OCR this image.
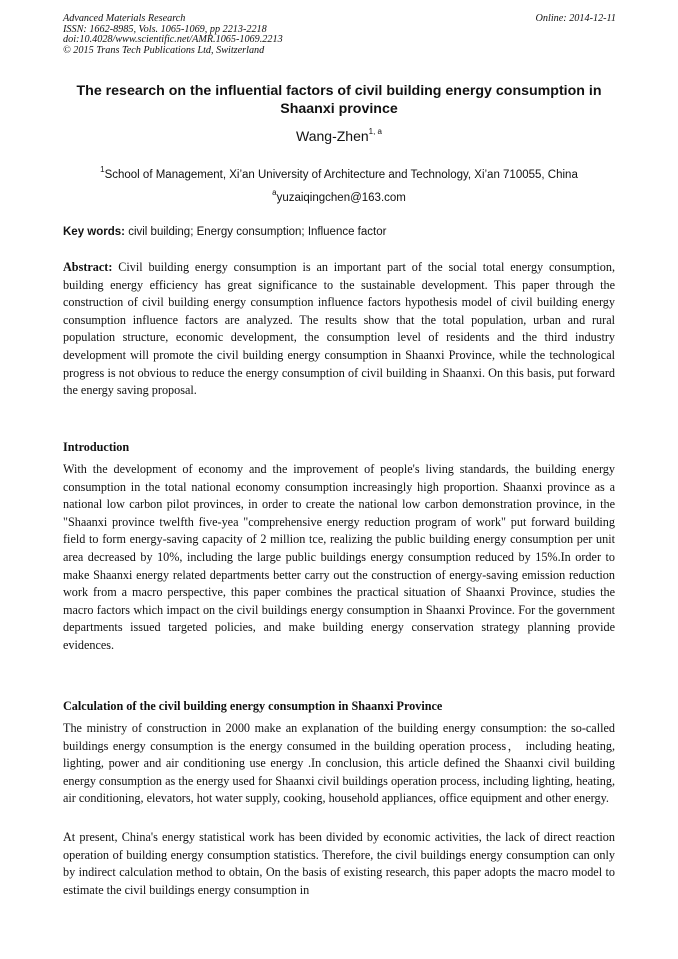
Advanced Materials Research	Online: 2014-12-11
ISSN: 1662-8985, Vols. 1065-1069, pp 2213-2218
doi:10.4028/www.scientific.net/AMR.1065-1069.2213
© 2015 Trans Tech Publications Ltd, Switzerland
The research on the influential factors of civil building energy consumption in Shaanxi province
Wang-Zhen$^{1, a}$
$^1$School of Management, Xi’an University of Architecture and Technology, Xi’an 710055, China
$^a$yuzaiqingchen@163.com
Key words: civil building; Energy consumption; Influence factor
Abstract: Civil building energy consumption is an important part of the social total energy consumption, building energy efficiency has great significance to the sustainable development. This paper through the construction of civil building energy consumption influence factors hypothesis model of civil building energy consumption influence factors are analyzed. The results show that the total population, urban and rural population structure, economic development, the consumption level of residents and the third industry development will promote the civil building energy consumption in Shaanxi Province, while the technological progress is not obvious to reduce the energy consumption of civil building in Shaanxi. On this basis, put forward the energy saving proposal.
Introduction
With the development of economy and the improvement of people's living standards, the building energy consumption in the total national economy consumption increasingly high proportion. Shaanxi province as a national low carbon pilot provinces, in order to create the national low carbon demonstration province, in the "Shaanxi province twelfth five-yea "comprehensive energy reduction program of work" put forward building field to form energy-saving capacity of 2 million tce, realizing the public building energy consumption per unit area decreased by 10%, including the large public buildings energy consumption reduced by 15%.In order to make Shaanxi energy related departments better carry out the construction of energy-saving emission reduction work from a macro perspective, this paper combines the practical situation of Shaanxi Province, studies the macro factors which impact on the civil buildings energy consumption in Shaanxi Province. For the government departments issued targeted policies, and make building energy conservation strategy planning provide evidences.
Calculation of the civil building energy consumption in Shaanxi Province
The ministry of construction in 2000 make an explanation of the building energy consumption: the so-called buildings energy consumption is the energy consumed in the building operation process， including heating, lighting, power and air conditioning use energy .In conclusion, this article defined the Shaanxi civil building energy consumption as the energy used for Shaanxi civil buildings operation process, including lighting, heating, air conditioning, elevators, hot water supply, cooking, household appliances, office equipment and other energy.
At present, China's energy statistical work has been divided by economic activities, the lack of direct reaction operation of building energy consumption statistics. Therefore, the civil buildings energy consumption can only by indirect calculation method to obtain, On the basis of existing research, this paper adopts the macro model to estimate the civil buildings energy consumption in
